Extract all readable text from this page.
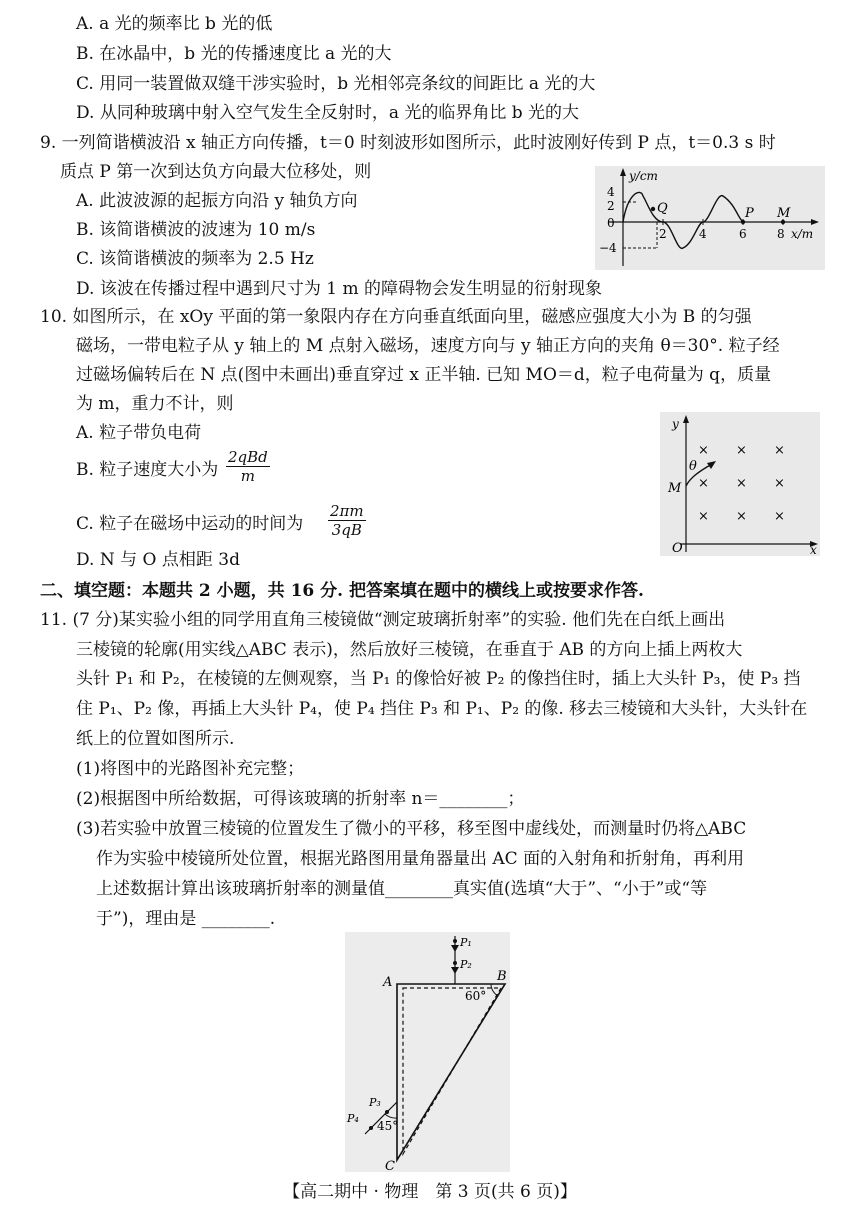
A. a 光的频率比 b 光的低
B. 在冰晶中，b 光的传播速度比 a 光的大
C. 用同一装置做双缝干涉实验时，b 光相邻亮条纹的间距比 a 光的大
D. 从同种玻璃中射入空气发生全反射时，a 光的临界角比 b 光的大
9. 一列简谐横波沿 x 轴正方向传播，t＝0 时刻波形如图所示，此时波刚好传到 P 点，t＝0.3 s 时
质点 P 第一次到达负方向最大位移处，则
A. 此波波源的起振方向沿 y 轴负方向
B. 该简谐横波的波速为 10 m/s
C. 该简谐横波的频率为 2.5 Hz
D. 该波在传播过程中遇到尺寸为 1 m 的障碍物会发生明显的衍射现象
y/cm
x/m
4
2
0
−4
2	4	6	8
Q	P M
10. 如图所示，在 xOy 平面的第一象限内存在方向垂直纸面向里，磁感应强度大小为 B 的匀强
磁场，一带电粒子从 y 轴上的 M 点射入磁场，速度方向与 y 轴正方向的夹角 θ＝30°. 粒子经
过磁场偏转后在 N 点(图中未画出)垂直穿过 x 正半轴. 已知 MO＝d，粒子电荷量为 q，质量
为 m，重力不计，则
A. 粒子带负电荷
B. 粒子速度大小为
2qBd
m
C. 粒子在磁场中运动的时间为 $\frac{2\pi m}{3qB}$
D. N 与 O 点相距 3d
y
x
O
M
θ
× × ×
× × ×
× × ×
二、填空题：本题共 2 小题，共 16 分. 把答案填在题中的横线上或按要求作答.
11. (7 分)某实验小组的同学用直角三棱镜做“测定玻璃折射率”的实验. 他们先在白纸上画出
三棱镜的轮廓(用实线△ABC 表示)，然后放好三棱镜，在垂直于 AB 的方向上插上两枚大
头针 P₁ 和 P₂，在棱镜的左侧观察，当 P₁ 的像恰好被 P₂ 的像挡住时，插上大头针 P₃，使 P₃ 挡
住 P₁、P₂ 像，再插上大头针 P₄，使 P₄ 挡住 P₃ 和 P₁、P₂ 的像. 移去三棱镜和大头针，大头针在
纸上的位置如图所示.
(1)将图中的光路图补充完整；
(2)根据图中所给数据，可得该玻璃的折射率 n＝________；
(3)若实验中放置三棱镜的位置发生了微小的平移，移至图中虚线处，而测量时仍将△ABC
作为实验中棱镜所处位置，根据光路图用量角器量出 AC 面的入射角和折射角，再利用
上述数据计算出该玻璃折射率的测量值________真实值(选填“大于”、“小于”或“等
于”)，理由是 ________.
A	B
C
P₁
P₂
P₃
P₄
60°
45°
【高二期中 · 物理　第 3 页(共 6 页)】
